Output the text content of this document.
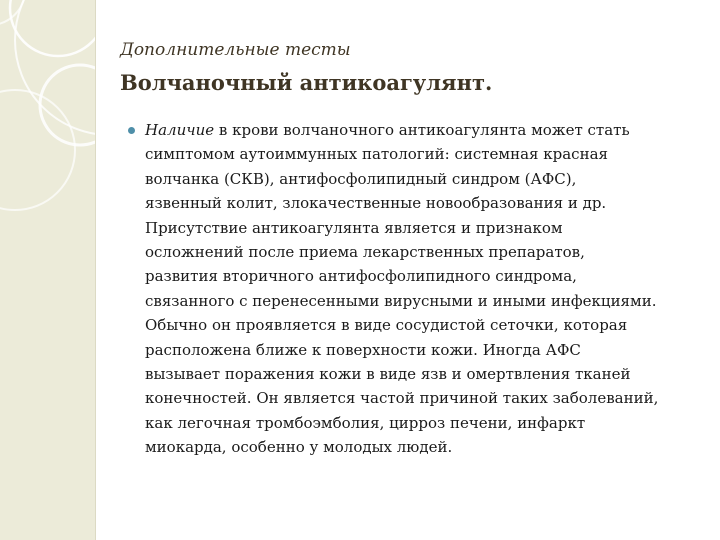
Дополнительные тесты
Волчаночный антикоагулянт.
Наличие в крови волчаночного антикоагулянта может стать
симптомом аутоиммунных патологий: системная красная
волчанка (СКВ), антифосфолипидный синдром (АФС),
язвенный колит, злокачественные новообразования и др.
Присутствие антикоагулянта является и признаком
осложнений после приема лекарственных препаратов,
развития вторичного антифосфолипидного синдрома,
связанного с перенесенными вирусными и иными инфекциями.
Обычно он проявляется в виде сосудистой сеточки, которая
расположена ближе к поверхности кожи. Иногда АФС
вызывает поражения кожи в виде язв и омертвления тканей
конечностей. Он является частой причиной таких заболеваний,
как легочная тромбоэмболия, цирроз печени, инфаркт
миокарда, особенно у молодых людей.
